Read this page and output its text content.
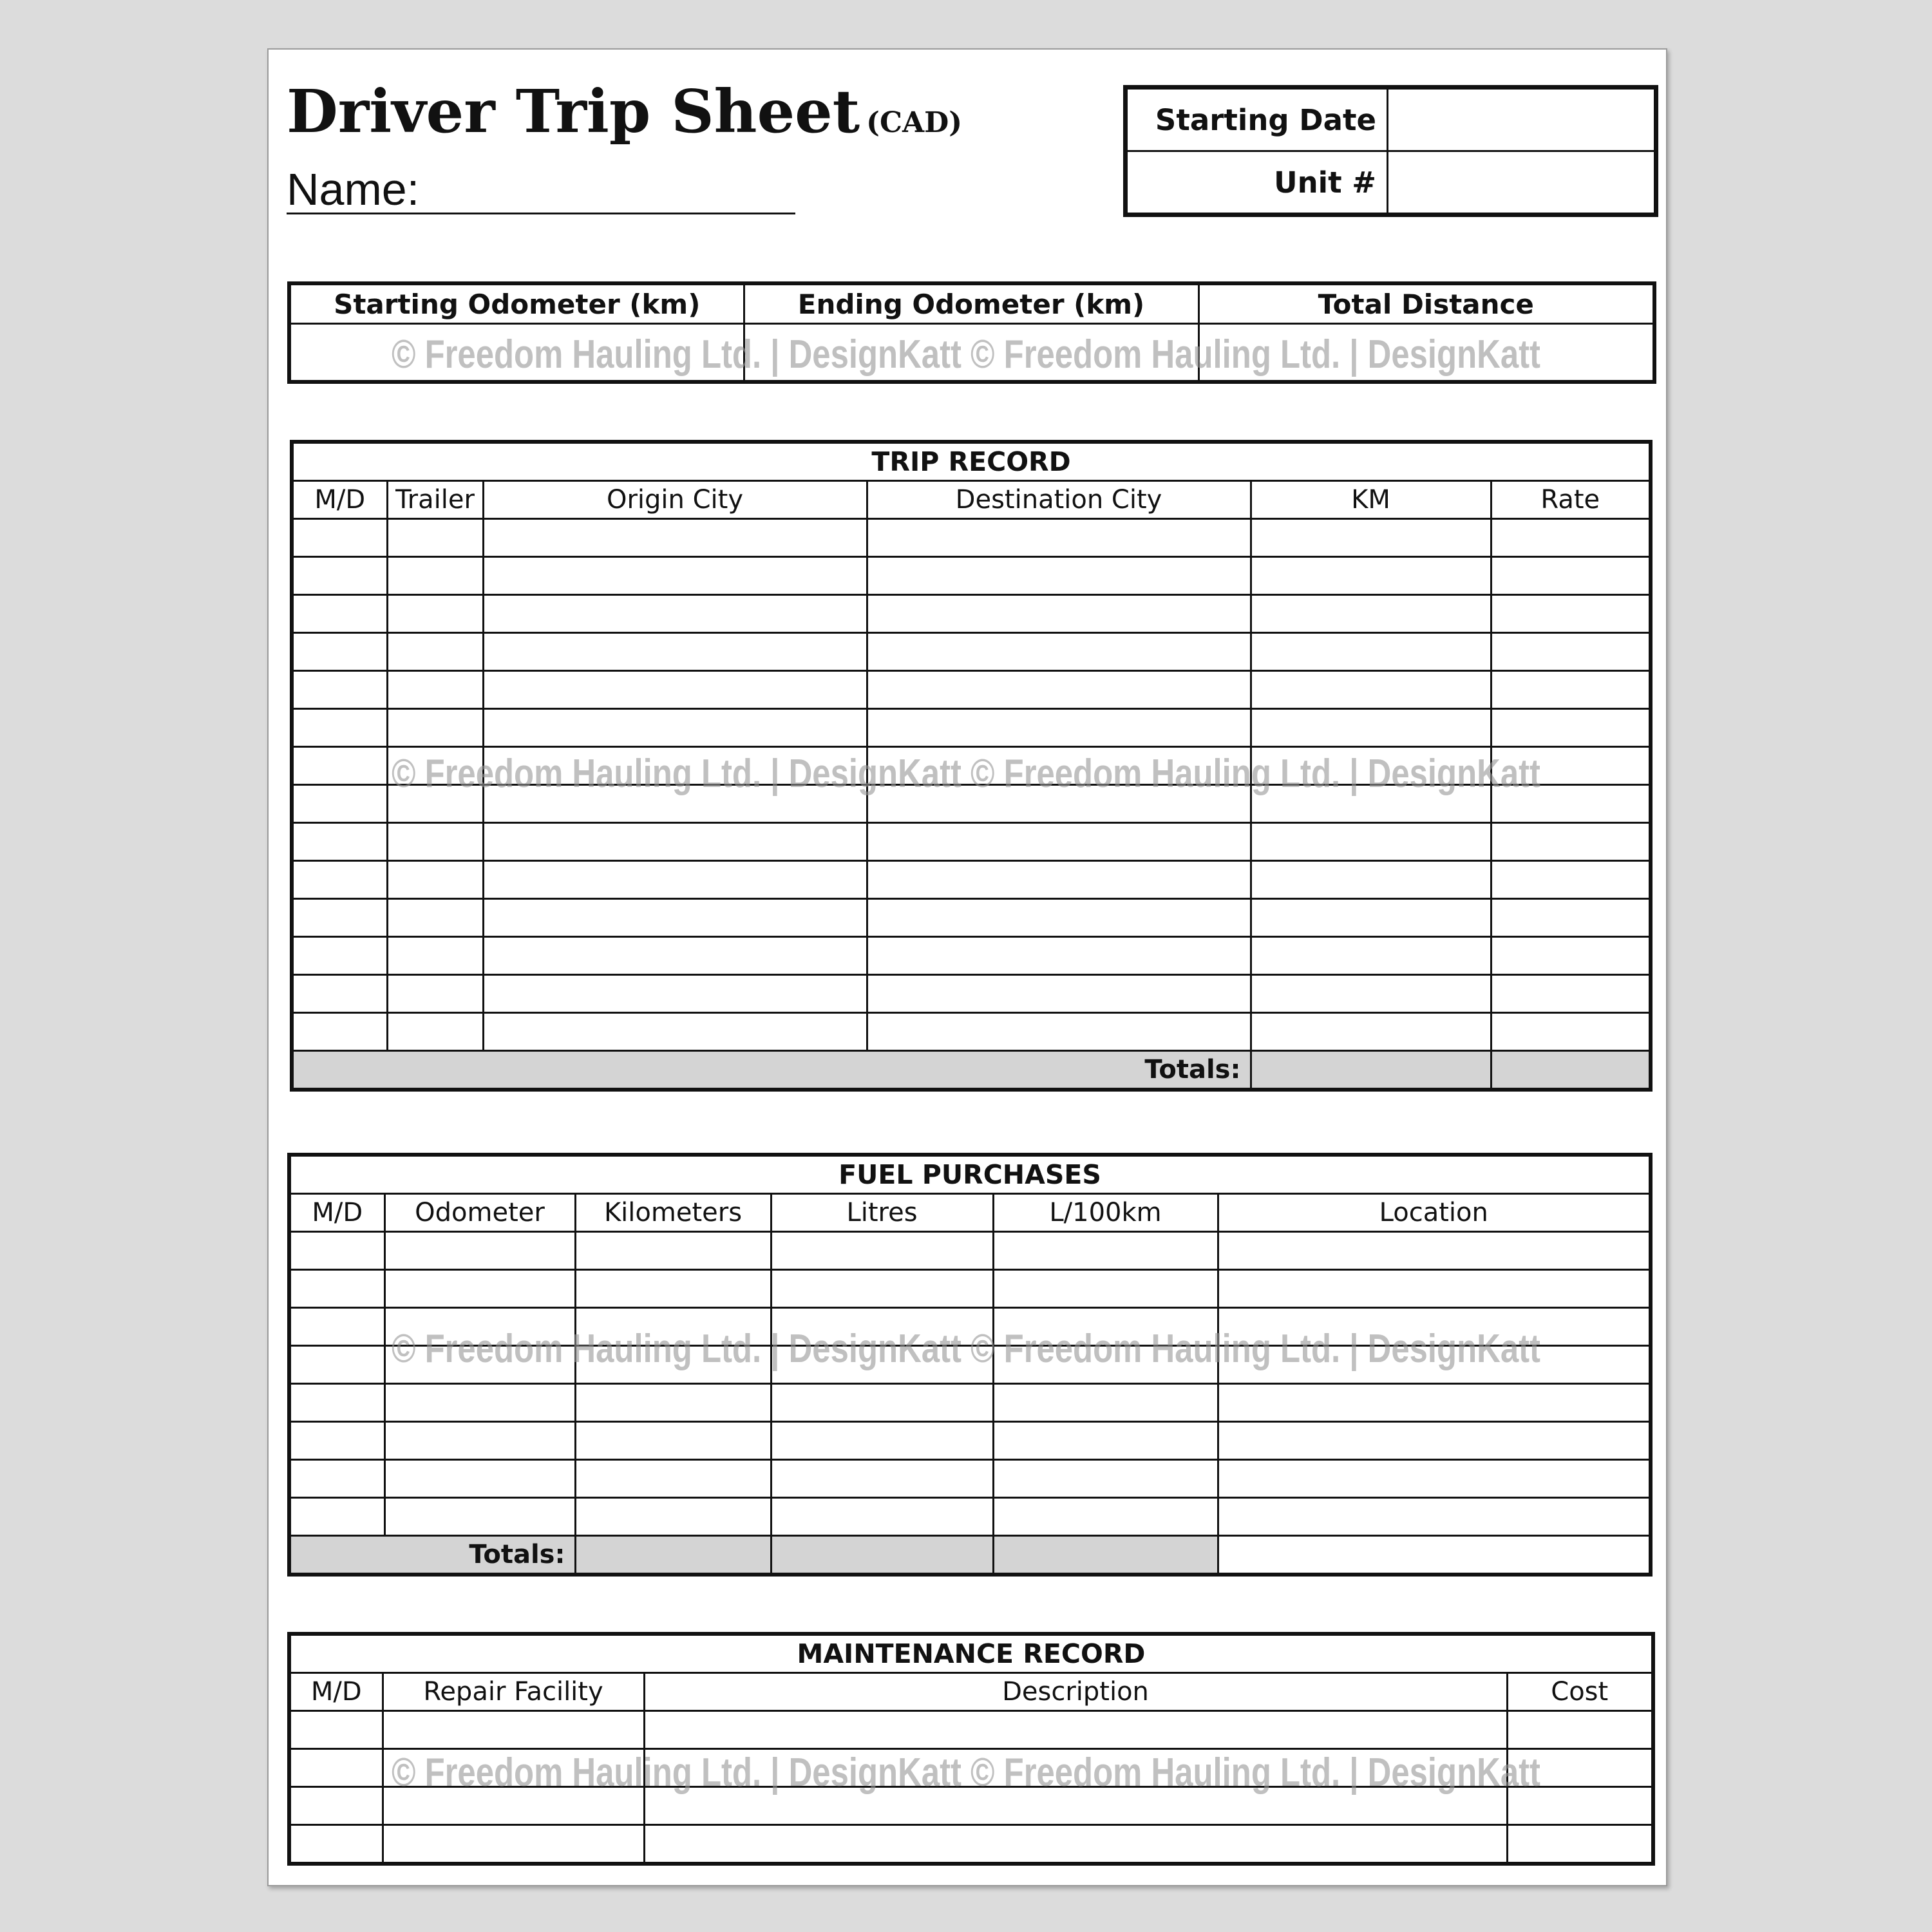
Driver Trip Sheet (CAD)
Name:
Starting Date	
Unit #	
Starting Odometer (km)	Ending Odometer (km)	Total Distance

TRIP RECORD					
M/D	Trailer	Origin City	Destination City	KM	Rate

Totals:					
FUEL PURCHASES					
M/D	Odometer	Kilometers	Litres	L/100km	Location

Totals:					
MAINTENANCE RECORD			
M/D	Repair Facility	Description	Cost

© Freedom Hauling Ltd. | DesignKatt © Freedom Hauling Ltd. | DesignKatt
© Freedom Hauling Ltd. | DesignKatt © Freedom Hauling Ltd. | DesignKatt
© Freedom Hauling Ltd. | DesignKatt © Freedom Hauling Ltd. | DesignKatt
© Freedom Hauling Ltd. | DesignKatt © Freedom Hauling Ltd. | DesignKatt
